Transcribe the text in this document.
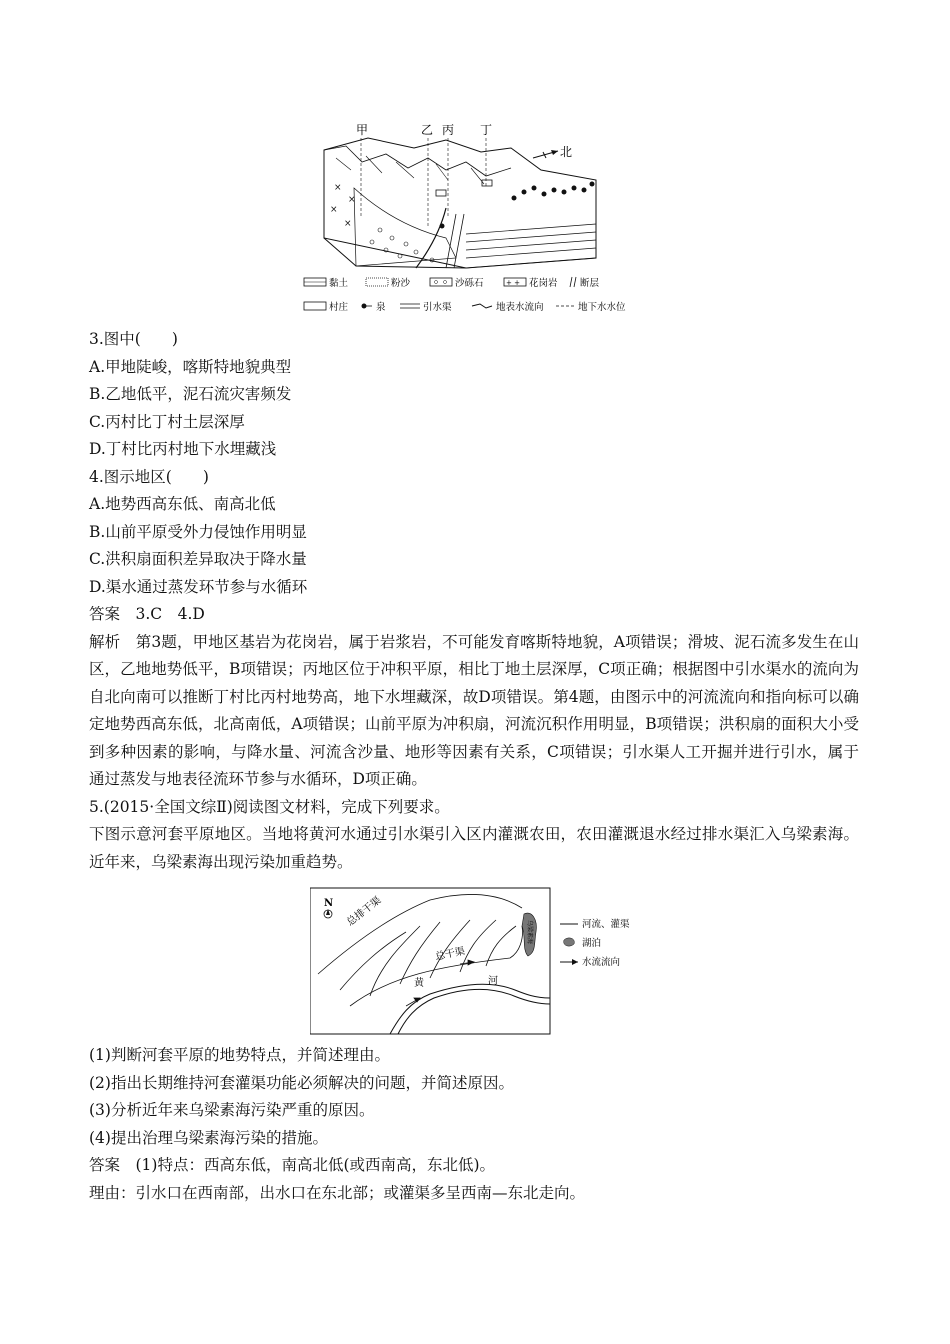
甲	乙 丙 丁
北
×
×
×
×
黏土	粉沙	沙砾石	+ + 花岗岩 断层
村庄	泉	引水渠	地表水流向	地下水水位
3.图中(　　)
A.甲地陡峻，喀斯特地貌典型
B.乙地低平，泥石流灾害频发
C.丙村比丁村土层深厚
D.丁村比丙村地下水埋藏浅
4.图示地区(　　)
A.地势西高东低、南高北低
B.山前平原受外力侵蚀作用明显
C.洪积扇面积差异取决于降水量
D.渠水通过蒸发环节参与水循环
答案　3.C　4.D
解析　第3题，甲地区基岩为花岗岩，属于岩浆岩，不可能发育喀斯特地貌，A项错误；滑坡、泥石流多发生在山区，乙地地势低平，B项错误；丙地区位于冲积平原，相比丁地土层深厚，C项正确；根据图中引水渠水的流向为自北向南可以推断丁村比丙村地势高，地下水埋藏深，故D项错误。第4题，由图示中的河流流向和指向标可以确定地势西高东低，北高南低，A项错误；山前平原为冲积扇，河流沉积作用明显，B项错误；洪积扇的面积大小受到多种因素的影响，与降水量、河流含沙量、地形等因素有关系，C项错误；引水渠人工开掘并进行引水，属于通过蒸发与地表径流环节参与水循环，D项正确。
5.(2015·全国文综Ⅱ)阅读图文材料，完成下列要求。
下图示意河套平原地区。当地将黄河水通过引水渠引入区内灌溉农田，农田灌溉退水经过排水渠汇入乌梁素海。近年来，乌梁素海出现污染加重趋势。
N
乌梁素海
总排干渠
总干渠
黄	河
河流、灌渠
湖泊
水流流向
(1)判断河套平原的地势特点，并简述理由。
(2)指出长期维持河套灌渠功能必须解决的问题，并简述原因。
(3)分析近年来乌梁素海污染严重的原因。
(4)提出治理乌梁素海污染的措施。
答案　(1)特点：西高东低，南高北低(或西南高，东北低)。
理由：引水口在西南部，出水口在东北部；或灌渠多呈西南—东北走向。
